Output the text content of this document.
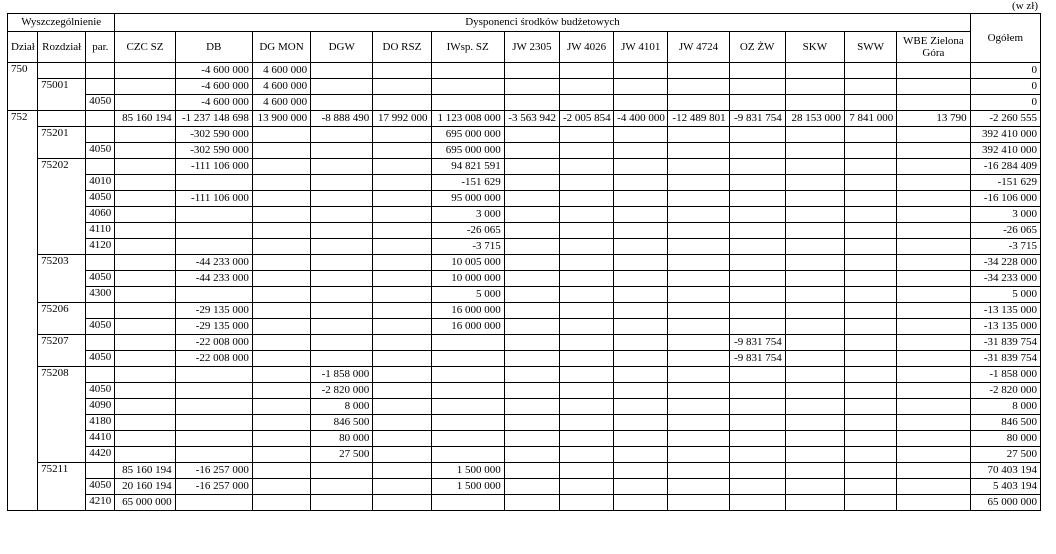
(w zł)
Wyszczególnienie			Dysponenci środków budżetowych														Ogółem
Dział	Rozdział	par.	CZC SZ	DB	DG MON	DGW	DO RSZ	IWsp. SZ	JW 2305	JW 4026	JW 4101	JW 4724	OZ ŻW	SKW	SWW	WBE Zielona Góra	
750				-4 600 000	4 600 000												0
	75001			-4 600 000	4 600 000												0
		4050		-4 600 000	4 600 000												0
752			85 160 194	-1 237 148 698	13 900 000	-8 888 490	17 992 000	1 123 008 000	-3 563 942	-2 005 854	-4 400 000	-12 489 801	-9 831 754	28 153 000	7 841 000	13 790	-2 260 555
	75201			-302 590 000				695 000 000									392 410 000
		4050		-302 590 000				695 000 000									392 410 000
	75202			-111 106 000				94 821 591									-16 284 409
		4010						-151 629									-151 629
		4050		-111 106 000				95 000 000									-16 106 000
		4060						3 000									3 000
		4110						-26 065									-26 065
		4120						-3 715									-3 715
	75203			-44 233 000				10 005 000									-34 228 000
		4050		-44 233 000				10 000 000									-34 233 000
		4300						5 000									5 000
	75206			-29 135 000				16 000 000									-13 135 000
		4050		-29 135 000				16 000 000									-13 135 000
	75207			-22 008 000									-9 831 754				-31 839 754
		4050		-22 008 000									-9 831 754				-31 839 754
	75208					-1 858 000											-1 858 000
		4050				-2 820 000											-2 820 000
		4090				8 000											8 000
		4180				846 500											846 500
		4410				80 000											80 000
		4420				27 500											27 500
	75211		85 160 194	-16 257 000				1 500 000									70 403 194
		4050	20 160 194	-16 257 000				1 500 000									5 403 194
		4210	65 000 000														65 000 000
